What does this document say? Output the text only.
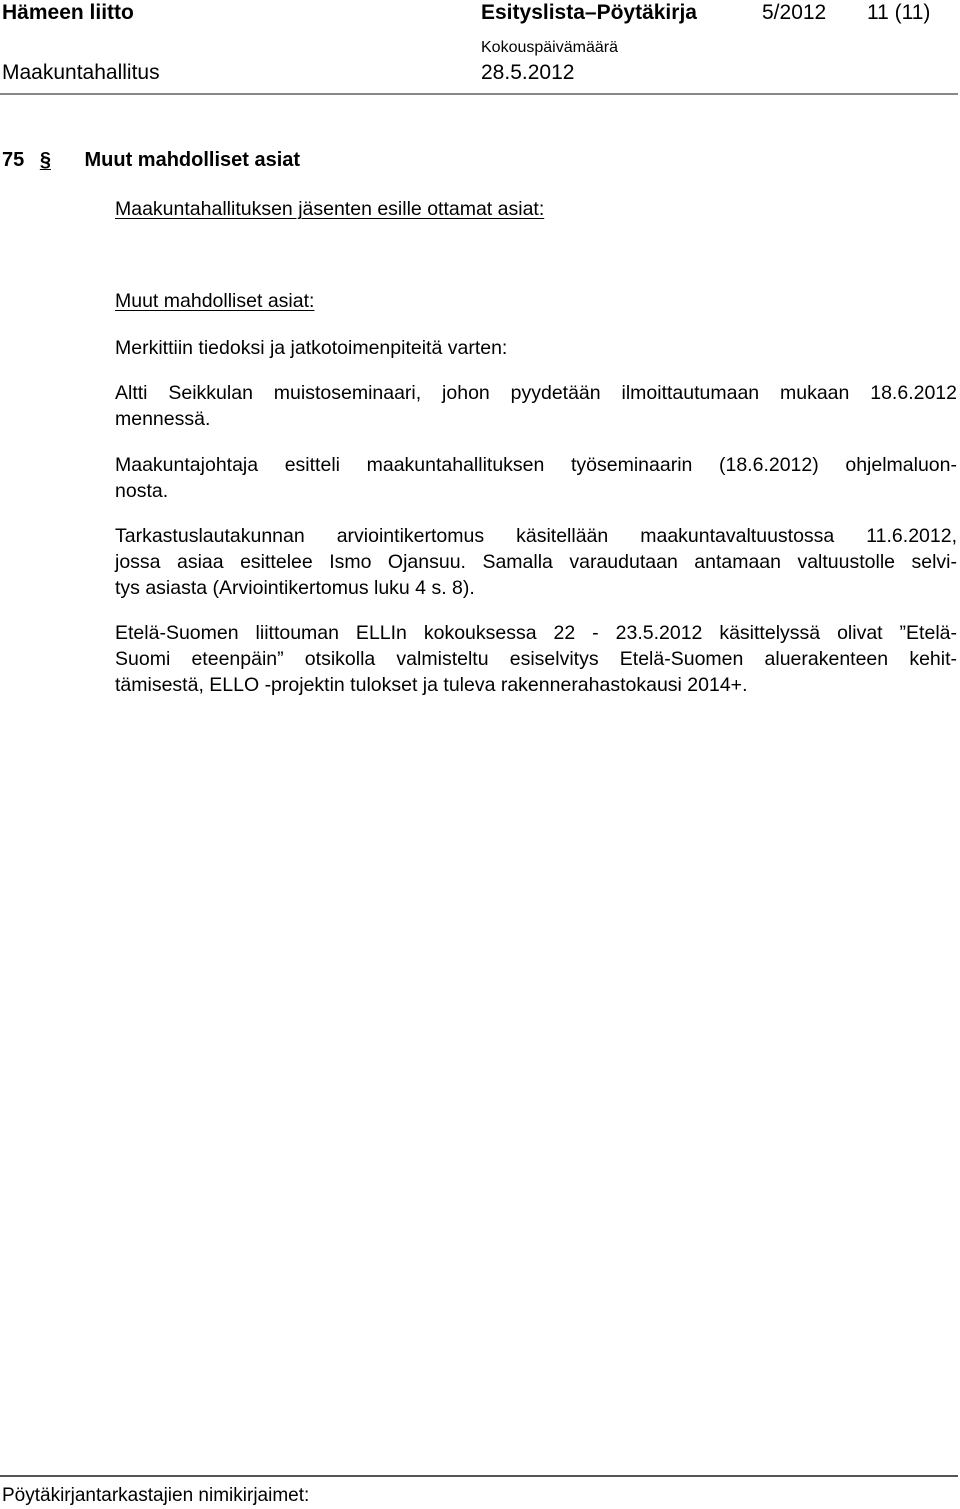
Hämeen liitto	Esityslista–Pöytäkirja	5/2012 11 (11)
Kokouspäivämäärä
Maakuntahallitus	28.5.2012
75 § Muut mahdolliset asiat
Maakuntahallituksen jäsenten esille ottamat asiat:
Muut mahdolliset asiat:
Merkittiin tiedoksi ja jatkotoimenpiteitä varten:
Altti Seikkulan muistoseminaari, johon pyydetään ilmoittautumaan mukaan 18.6.2012
mennessä.
Maakuntajohtaja esitteli maakuntahallituksen työseminaarin (18.6.2012) ohjelmaluon-
nosta.
Tarkastuslautakunnan arviointikertomus käsitellään maakuntavaltuustossa 11.6.2012,
jossa asiaa esittelee Ismo Ojansuu. Samalla varaudutaan antamaan valtuustolle selvi-
tys asiasta (Arviointikertomus luku 4 s. 8).
Etelä-Suomen liittouman ELLIn kokouksessa 22 - 23.5.2012 käsittelyssä olivat ”Etelä-
Suomi eteenpäin” otsikolla valmisteltu esiselvitys Etelä-Suomen aluerakenteen kehit-
tämisestä, ELLO -projektin tulokset ja tuleva rakennerahastokausi 2014+.
Pöytäkirjantarkastajien nimikirjaimet:
